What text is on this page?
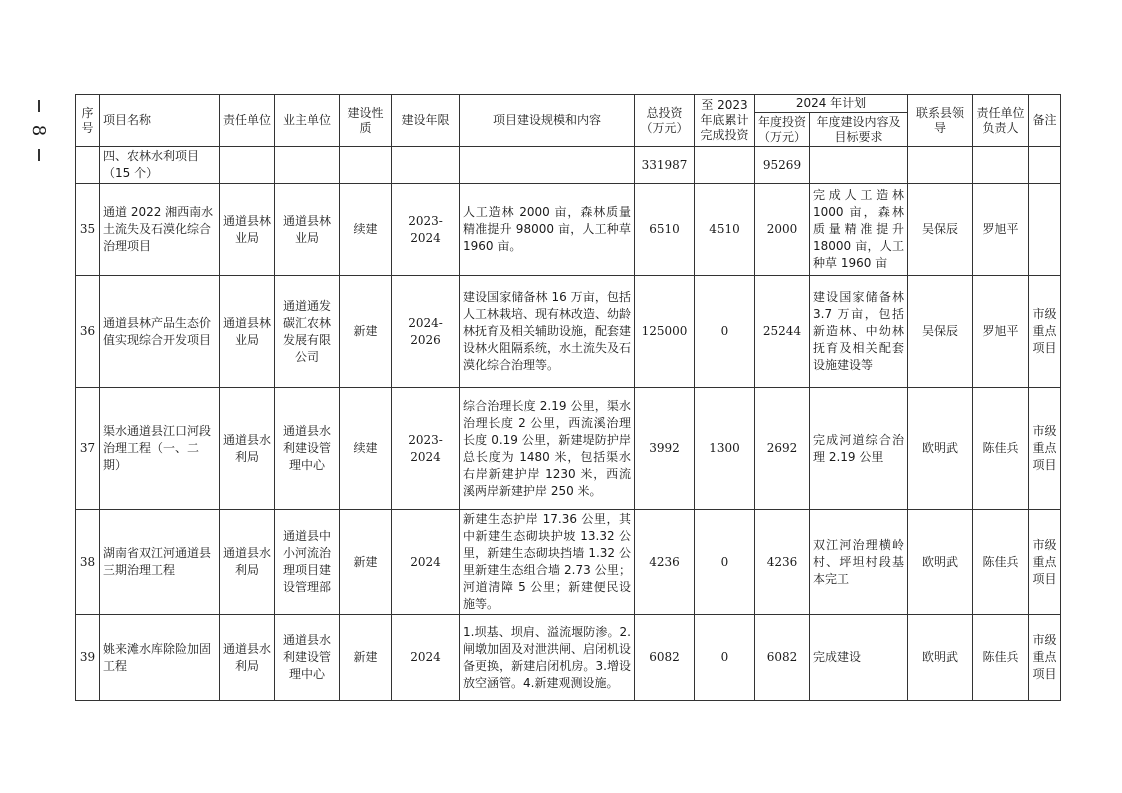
8
序号	项目名称	责任单位	业主单位	建设性质	建设年限	项目建设规模和内容	总投资（万元）	至 2023 年底累计完成投资	2024 年计划		联系县领导	责任单位负责人	备注
									年度投资（万元）	年度建设内容及目标要求			
	四、农林水利项目（15 个）						331987		95269				
35	通道 2022 湘西南水土流失及石漠化综合治理项目	通道县林业局	通道县林业局	续建	2023-2024	人工造林 2000 亩，森林质量精准提升 98000 亩，人工种草 1960 亩。	6510	4510	2000	完成人工造林 1000 亩，森林质量精准提升 18000 亩，人工种草 1960 亩	吴保辰	罗旭平	
36	通道县林产品生态价值实现综合开发项目	通道县林业局	通道通发碳汇农林发展有限公司	新建	2024-2026	建设国家储备林 16 万亩，包括人工林栽培、现有林改造、幼龄林抚育及相关辅助设施，配套建设林火阻隔系统，水土流失及石漠化综合治理等。	125000	0	25244	建设国家储备林 3.7 万亩，包括新造林、中幼林抚育及相关配套设施建设等	吴保辰	罗旭平	市级重点项目
37	渠水通道县江口河段治理工程（一、二期）	通道县水利局	通道县水利建设管理中心	续建	2023-2024	综合治理长度 2.19 公里，渠水治理长度 2 公里，西流溪治理长度 0.19 公里，新建堤防护岸总长度为 1480 米，包括渠水右岸新建护岸 1230 米，西流溪两岸新建护岸 250 米。	3992	1300	2692	完成河道综合治理 2.19 公里	欧明武	陈佳兵	市级重点项目
38	湖南省双江河通道县三期治理工程	通道县水利局	通道县中小河流治理项目建设管理部	新建	2024	新建生态护岸 17.36 公里，其中新建生态砌块护坡 13.32 公里，新建生态砌块挡墙 1.32 公里新建生态组合墙 2.73 公里；河道清障 5 公里；新建便民设施等。	4236	0	4236	双江河治理横岭村、坪坦村段基本完工	欧明武	陈佳兵	市级重点项目
39	姚来滩水库除险加固工程	通道县水利局	通道县水利建设管理中心	新建	2024	1.坝基、坝肩、溢流堰防渗。2.闸墩加固及对泄洪闸、启闭机设备更换，新建启闭机房。3.增设放空涵管。4.新建观测设施。	6082	0	6082	完成建设	欧明武	陈佳兵	市级重点项目
